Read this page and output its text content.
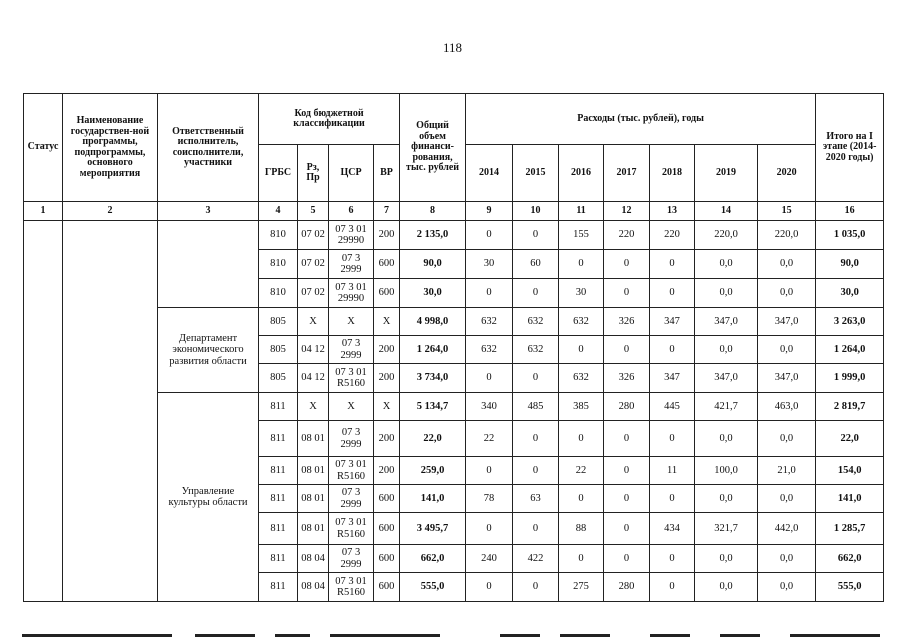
118
Статус	Наименование государствен-ной программы, подпрограммы, основного мероприятия	Ответственный исполнитель, соисполнители, участники	Код бюджетной классификации				Общий объем финанси-рования, тыс. рублей	Расходы (тыс. рублей), годы							Итого на I этапе (2014-2020 годы)
			ГРБС	Рз, Пр	ЦСР	ВР		2014	2015	2016	2017	2018	2019	2020	
1	2	3	4	5	6	7	8	9	10	11	12	13	14	15	16
			810	07 02	07 3 01 29990	200	2 135,0	0	0	155	220	220	220,0	220,0	1 035,0
			810	07 02	07 3 2999	600	90,0	30	60	0	0	0	0,0	0,0	90,0
			810	07 02	07 3 01 29990	600	30,0	0	0	30	0	0	0,0	0,0	30,0
		Департамент экономического развития области	805	X	X	X	4 998,0	632	632	632	326	347	347,0	347,0	3 263,0
			805	04 12	07 3 2999	200	1 264,0	632	632	0	0	0	0,0	0,0	1 264,0
			805	04 12	07 3 01 R5160	200	3 734,0	0	0	632	326	347	347,0	347,0	1 999,0
		Управление культуры области	811	X	X	X	5 134,7	340	485	385	280	445	421,7	463,0	2 819,7
			811	08 01	07 3 2999	200	22,0	22	0	0	0	0	0,0	0,0	22,0
			811	08 01	07 3 01 R5160	200	259,0	0	0	22	0	11	100,0	21,0	154,0
			811	08 01	07 3 2999	600	141,0	78	63	0	0	0	0,0	0,0	141,0
			811	08 01	07 3 01 R5160	600	3 495,7	0	0	88	0	434	321,7	442,0	1 285,7
			811	08 04	07 3 2999	600	662,0	240	422	0	0	0	0,0	0,0	662,0
			811	08 04	07 3 01 R5160	600	555,0	0	0	275	280	0	0,0	0,0	555,0
